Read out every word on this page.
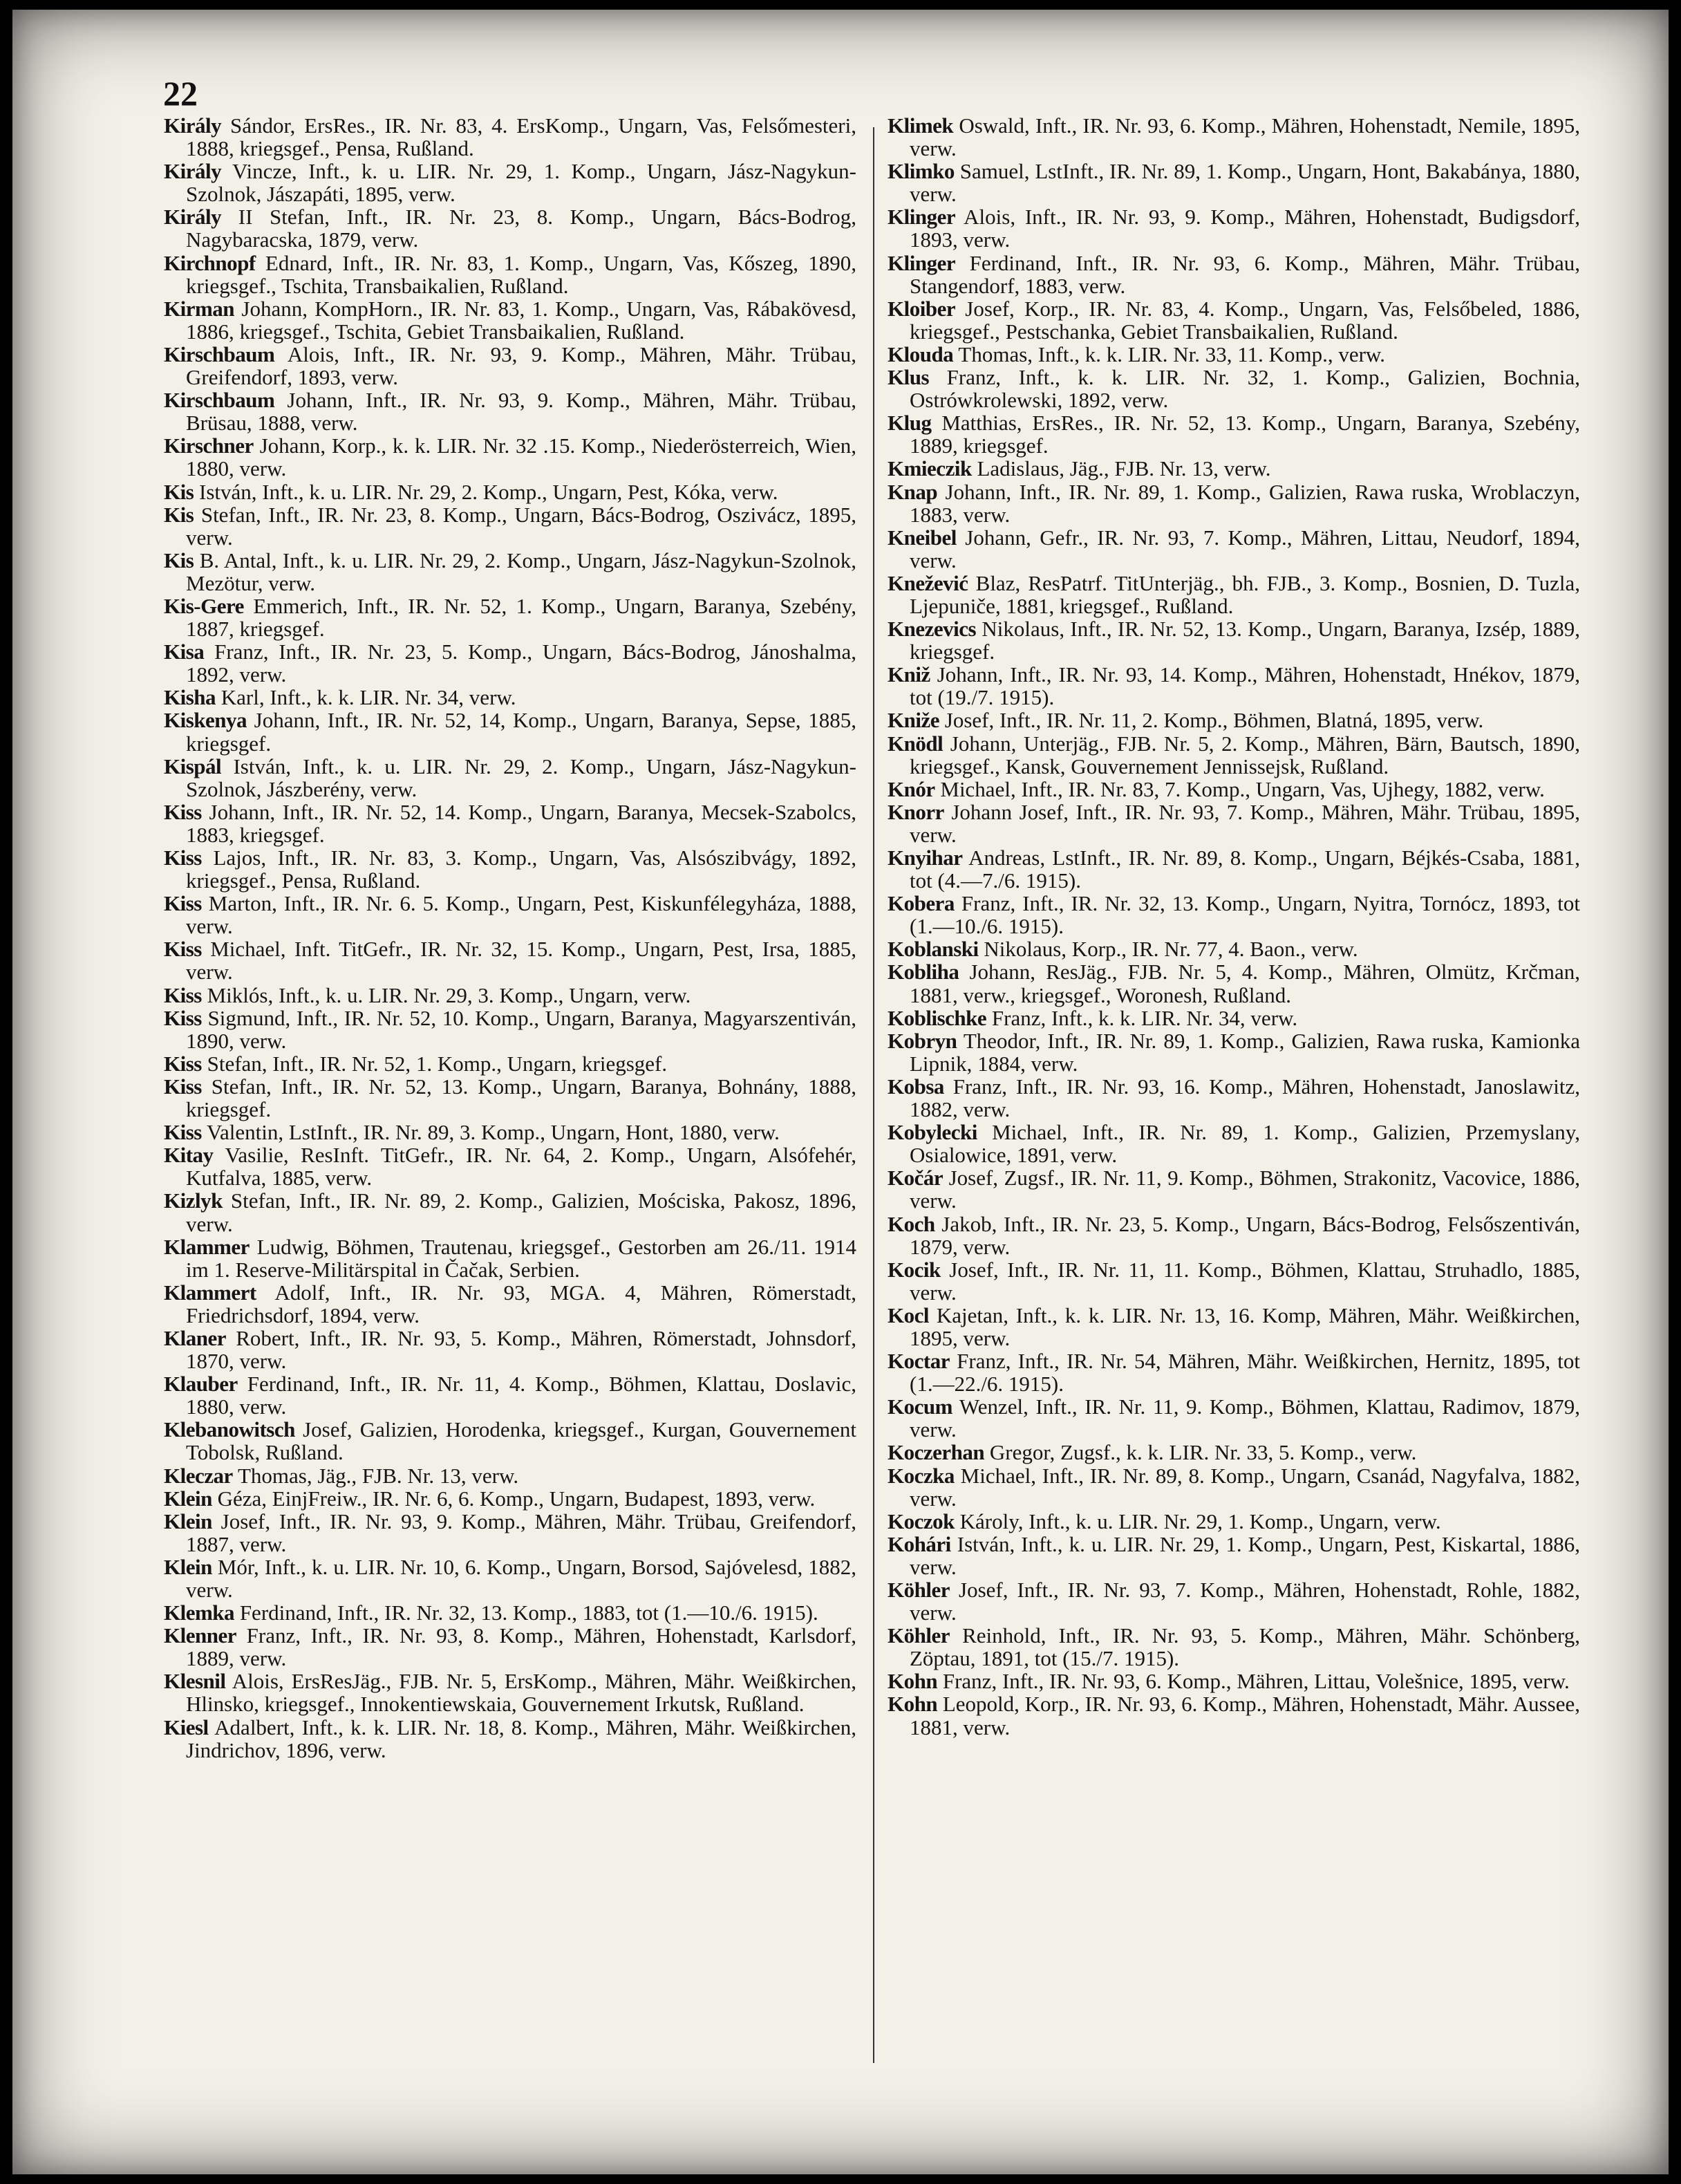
22

Király Sándor, ErsRes., IR. Nr. 83, 4. ErsKomp., Ungarn, Vas, Felsőmesteri, 1888, kriegsgef., Pensa, Rußland.

Király Vincze, Inft., k. u. LIR. Nr. 29, 1. Komp., Ungarn, Jász-Nagykun-Szolnok, Jászapáti, 1895, verw.

Király II Stefan, Inft., IR. Nr. 23, 8. Komp., Ungarn, Bács-Bodrog, Nagybaracska, 1879, verw.

Kirchnopf Ednard, Inft., IR. Nr. 83, 1. Komp., Ungarn, Vas, Kőszeg, 1890, kriegsgef., Tschita, Transbaikalien, Rußland.

Kirman Johann, KompHorn., IR. Nr. 83, 1. Komp., Ungarn, Vas, Rábakövesd, 1886, kriegsgef., Tschita, Gebiet Transbaikalien, Rußland.

Kirschbaum Alois, Inft., IR. Nr. 93, 9. Komp., Mähren, Mähr. Trübau, Greifendorf, 1893, verw.

Kirschbaum Johann, Inft., IR. Nr. 93, 9. Komp., Mähren, Mähr. Trübau, Brüsau, 1888, verw.

Kirschner Johann, Korp., k. k. LIR. Nr. 32 .15. Komp., Niederösterreich, Wien, 1880, verw.

Kis István, Inft., k. u. LIR. Nr. 29, 2. Komp., Ungarn, Pest, Kóka, verw.

Kis Stefan, Inft., IR. Nr. 23, 8. Komp., Ungarn, Bács-Bodrog, Oszivácz, 1895, verw.

Kis B. Antal, Inft., k. u. LIR. Nr. 29, 2. Komp., Ungarn, Jász-Nagykun-Szolnok, Mezötur, verw.

Kis-Gere Emmerich, Inft., IR. Nr. 52, 1. Komp., Ungarn, Baranya, Szebény, 1887, kriegsgef.

Kisa Franz, Inft., IR. Nr. 23, 5. Komp., Ungarn, Bács-Bodrog, Jánoshalma, 1892, verw.

Kisha Karl, Inft., k. k. LIR. Nr. 34, verw.

Kiskenya Johann, Inft., IR. Nr. 52, 14, Komp., Ungarn, Baranya, Sepse, 1885, kriegsgef.

Kispál István, Inft., k. u. LIR. Nr. 29, 2. Komp., Ungarn, Jász-Nagykun-Szolnok, Jászberény, verw.

Kiss Johann, Inft., IR. Nr. 52, 14. Komp., Ungarn, Baranya, Mecsek-Szabolcs, 1883, kriegsgef.

Kiss Lajos, Inft., IR. Nr. 83, 3. Komp., Ungarn, Vas, Alsószibvágy, 1892, kriegsgef., Pensa, Rußland.

Kiss Marton, Inft., IR. Nr. 6. 5. Komp., Ungarn, Pest, Kiskunfélegyháza, 1888, verw.

Kiss Michael, Inft. TitGefr., IR. Nr. 32, 15. Komp., Ungarn, Pest, Irsa, 1885, verw.

Kiss Miklós, Inft., k. u. LIR. Nr. 29, 3. Komp., Ungarn, verw.

Kiss Sigmund, Inft., IR. Nr. 52, 10. Komp., Ungarn, Baranya, Magyarszentiván, 1890, verw.

Kiss Stefan, Inft., IR. Nr. 52, 1. Komp., Ungarn, kriegsgef.

Kiss Stefan, Inft., IR. Nr. 52, 13. Komp., Ungarn, Baranya, Bohnány, 1888, kriegsgef.

Kiss Valentin, LstInft., IR. Nr. 89, 3. Komp., Ungarn, Hont, 1880, verw.

Kitay Vasilie, ResInft. TitGefr., IR. Nr. 64, 2. Komp., Ungarn, Alsófehér, Kutfalva, 1885, verw.

Kizlyk Stefan, Inft., IR. Nr. 89, 2. Komp., Galizien, Mościska, Pakosz, 1896, verw.

Klammer Ludwig, Böhmen, Trautenau, kriegsgef., Gestorben am 26./11. 1914 im 1. Reserve-Militärspital in Čačak, Serbien.

Klammert Adolf, Inft., IR. Nr. 93, MGA. 4, Mähren, Römerstadt, Friedrichsdorf, 1894, verw.

Klaner Robert, Inft., IR. Nr. 93, 5. Komp., Mähren, Römerstadt, Johnsdorf, 1870, verw.

Klauber Ferdinand, Inft., IR. Nr. 11, 4. Komp., Böhmen, Klattau, Doslavic, 1880, verw.

Klebanowitsch Josef, Galizien, Horodenka, kriegsgef., Kurgan, Gouvernement Tobolsk, Rußland.

Kleczar Thomas, Jäg., FJB. Nr. 13, verw.

Klein Géza, EinjFreiw., IR. Nr. 6, 6. Komp., Ungarn, Budapest, 1893, verw.

Klein Josef, Inft., IR. Nr. 93, 9. Komp., Mähren, Mähr. Trübau, Greifendorf, 1887, verw.

Klein Mór, Inft., k. u. LIR. Nr. 10, 6. Komp., Ungarn, Borsod, Sajóvelesd, 1882, verw.

Klemka Ferdinand, Inft., IR. Nr. 32, 13. Komp., 1883, tot (1.—10./6. 1915).

Klenner Franz, Inft., IR. Nr. 93, 8. Komp., Mähren, Hohenstadt, Karlsdorf, 1889, verw.

Klesnil Alois, ErsResJäg., FJB. Nr. 5, ErsKomp., Mähren, Mähr. Weißkirchen, Hlinsko, kriegsgef., Innokentiewskaia, Gouvernement Irkutsk, Rußland.

Kiesl Adalbert, Inft., k. k. LIR. Nr. 18, 8. Komp., Mähren, Mähr. Weißkirchen, Jindrichov, 1896, verw.

Klimek Oswald, Inft., IR. Nr. 93, 6. Komp., Mähren, Hohenstadt, Nemile, 1895, verw.

Klimko Samuel, LstInft., IR. Nr. 89, 1. Komp., Ungarn, Hont, Bakabánya, 1880, verw.

Klinger Alois, Inft., IR. Nr. 93, 9. Komp., Mähren, Hohenstadt, Budigsdorf, 1893, verw.

Klinger Ferdinand, Inft., IR. Nr. 93, 6. Komp., Mähren, Mähr. Trübau, Stangendorf, 1883, verw.

Kloiber Josef, Korp., IR. Nr. 83, 4. Komp., Ungarn, Vas, Felsőbeled, 1886, kriegsgef., Pestschanka, Gebiet Transbaikalien, Rußland.

Klouda Thomas, Inft., k. k. LIR. Nr. 33, 11. Komp., verw.

Klus Franz, Inft., k. k. LIR. Nr. 32, 1. Komp., Galizien, Bochnia, Ostrówkrolewski, 1892, verw.

Klug Matthias, ErsRes., IR. Nr. 52, 13. Komp., Ungarn, Baranya, Szebény, 1889, kriegsgef.

Kmieczik Ladislaus, Jäg., FJB. Nr. 13, verw.

Knap Johann, Inft., IR. Nr. 89, 1. Komp., Galizien, Rawa ruska, Wroblaczyn, 1883, verw.

Kneibel Johann, Gefr., IR. Nr. 93, 7. Komp., Mähren, Littau, Neudorf, 1894, verw.

Knežević Blaz, ResPatrf. TitUnterjäg., bh. FJB., 3. Komp., Bosnien, D. Tuzla, Ljepuniče, 1881, kriegsgef., Rußland.

Knezevics Nikolaus, Inft., IR. Nr. 52, 13. Komp., Ungarn, Baranya, Izsép, 1889, kriegsgef.

Kniž Johann, Inft., IR. Nr. 93, 14. Komp., Mähren, Hohenstadt, Hnékov, 1879, tot (19./7. 1915).

Kniže Josef, Inft., IR. Nr. 11, 2. Komp., Böhmen, Blatná, 1895, verw.

Knödl Johann, Unterjäg., FJB. Nr. 5, 2. Komp., Mähren, Bärn, Bautsch, 1890, kriegsgef., Kansk, Gouvernement Jennissejsk, Rußland.

Knór Michael, Inft., IR. Nr. 83, 7. Komp., Ungarn, Vas, Ujhegy, 1882, verw.

Knorr Johann Josef, Inft., IR. Nr. 93, 7. Komp., Mähren, Mähr. Trübau, 1895, verw.

Knyihar Andreas, LstInft., IR. Nr. 89, 8. Komp., Ungarn, Béjkés-Csaba, 1881, tot (4.—7./6. 1915).

Kobera Franz, Inft., IR. Nr. 32, 13. Komp., Ungarn, Nyitra, Tornócz, 1893, tot (1.—10./6. 1915).

Koblanski Nikolaus, Korp., IR. Nr. 77, 4. Baon., verw.

Kobliha Johann, ResJäg., FJB. Nr. 5, 4. Komp., Mähren, Olmütz, Krčman, 1881, verw., kriegsgef., Woronesh, Rußland.

Koblischke Franz, Inft., k. k. LIR. Nr. 34, verw.

Kobryn Theodor, Inft., IR. Nr. 89, 1. Komp., Galizien, Rawa ruska, Kamionka Lipnik, 1884, verw.

Kobsa Franz, Inft., IR. Nr. 93, 16. Komp., Mähren, Hohenstadt, Janoslawitz, 1882, verw.

Kobylecki Michael, Inft., IR. Nr. 89, 1. Komp., Galizien, Przemyslany, Osialowice, 1891, verw.

Kočár Josef, Zugsf., IR. Nr. 11, 9. Komp., Böhmen, Strakonitz, Vacovice, 1886, verw.

Koch Jakob, Inft., IR. Nr. 23, 5. Komp., Ungarn, Bács-Bodrog, Felsőszentiván, 1879, verw.

Kocik Josef, Inft., IR. Nr. 11, 11. Komp., Böhmen, Klattau, Struhadlo, 1885, verw.

Kocl Kajetan, Inft., k. k. LIR. Nr. 13, 16. Komp, Mähren, Mähr. Weißkirchen, 1895, verw.

Koctar Franz, Inft., IR. Nr. 54, Mähren, Mähr. Weißkirchen, Hernitz, 1895, tot (1.—22./6. 1915).

Kocum Wenzel, Inft., IR. Nr. 11, 9. Komp., Böhmen, Klattau, Radimov, 1879, verw.

Koczerhan Gregor, Zugsf., k. k. LIR. Nr. 33, 5. Komp., verw.

Koczka Michael, Inft., IR. Nr. 89, 8. Komp., Ungarn, Csanád, Nagyfalva, 1882, verw.

Koczok Károly, Inft., k. u. LIR. Nr. 29, 1. Komp., Ungarn, verw.

Kohári István, Inft., k. u. LIR. Nr. 29, 1. Komp., Ungarn, Pest, Kiskartal, 1886, verw.

Köhler Josef, Inft., IR. Nr. 93, 7. Komp., Mähren, Hohenstadt, Rohle, 1882, verw.

Köhler Reinhold, Inft., IR. Nr. 93, 5. Komp., Mähren, Mähr. Schönberg, Zöptau, 1891, tot (15./7. 1915).

Kohn Franz, Inft., IR. Nr. 93, 6. Komp., Mähren, Littau, Volešnice, 1895, verw.

Kohn Leopold, Korp., IR. Nr. 93, 6. Komp., Mähren, Hohenstadt, Mähr. Aussee, 1881, verw.
